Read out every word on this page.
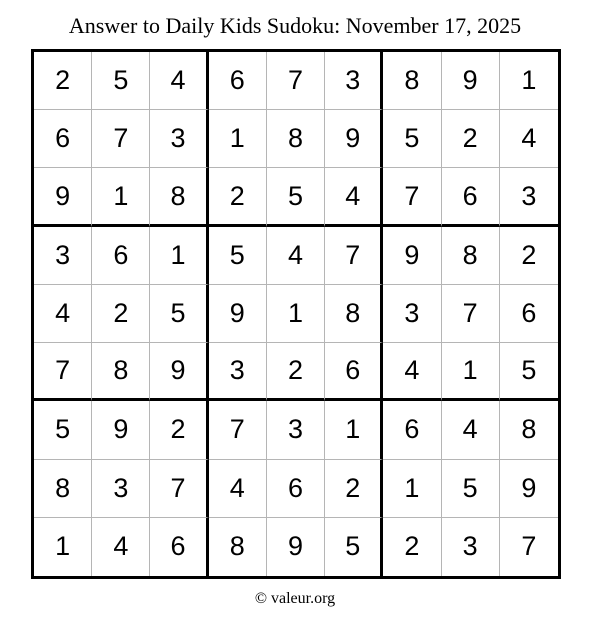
Answer to Daily Kids Sudoku: November 17, 2025
2	5	4	6	7	3	8	9	1
6	7	3	1	8	9	5	2	4
9	1	8	2	5	4	7	6	3
3	6	1	5	4	7	9	8	2
4	2	5	9	1	8	3	7	6
7	8	9	3	2	6	4	1	5
5	9	2	7	3	1	6	4	8
8	3	7	4	6	2	1	5	9
1	4	6	8	9	5	2	3	7
© valeur.org
